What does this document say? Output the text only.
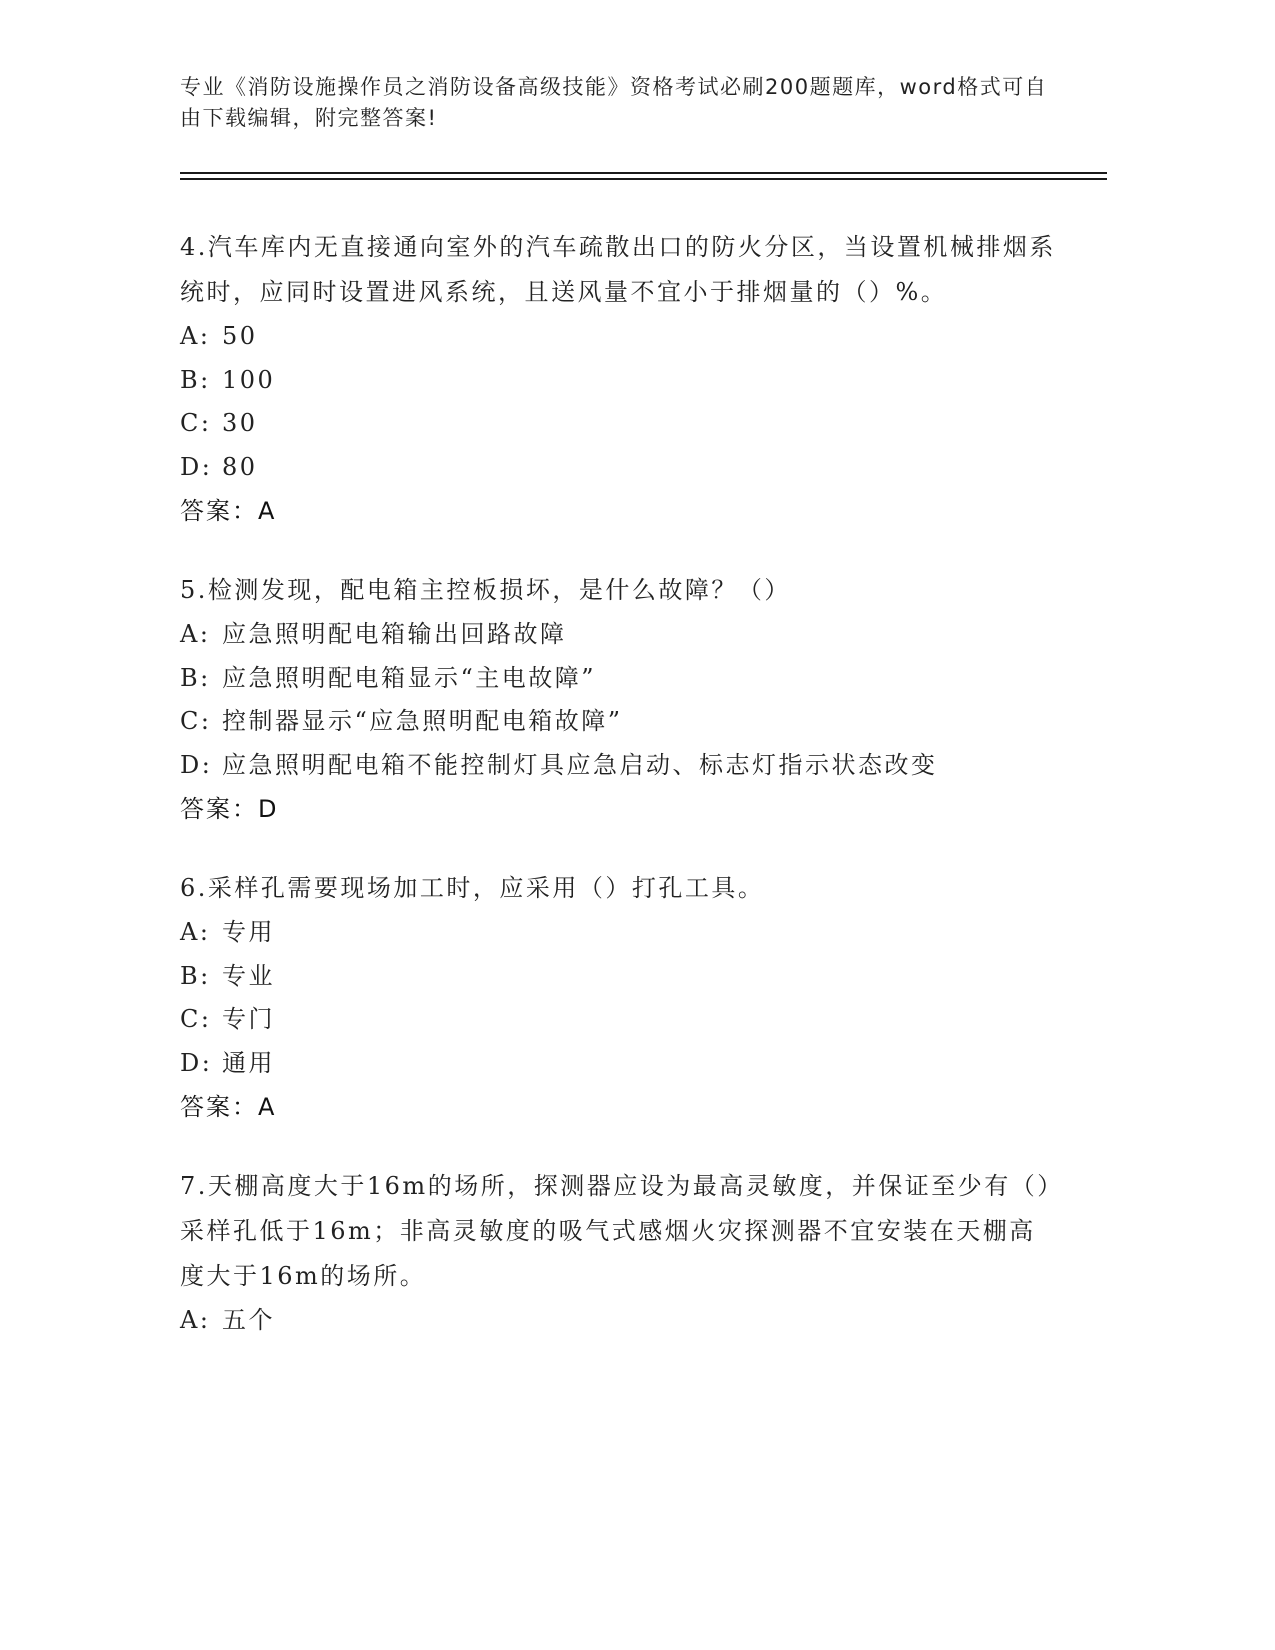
专业《消防设施操作员之消防设备高级技能》资格考试必刷200题题库，word格式可自由下载编辑，附完整答案!

4.汽车库内无直接通向室外的汽车疏散出口的防火分区，当设置机械排烟系统时，应同时设置进风系统，且送风量不宜小于排烟量的（）%。

A: 50
B: 100
C: 30
D: 80
答案：A

5.检测发现，配电箱主控板损坏，是什么故障？（）

A: 应急照明配电箱输出回路故障
B: 应急照明配电箱显示“主电故障”
C: 控制器显示“应急照明配电箱故障”
D: 应急照明配电箱不能控制灯具应急启动、标志灯指示状态改变
答案：D

6.采样孔需要现场加工时，应采用（）打孔工具。

A: 专用
B: 专业
C: 专门
D: 通用
答案：A

7.天棚高度大于16m的场所，探测器应设为最高灵敏度，并保证至少有（）采样孔低于16m；非高灵敏度的吸气式感烟火灾探测器不宜安装在天棚高度大于16m的场所。

A: 五个
